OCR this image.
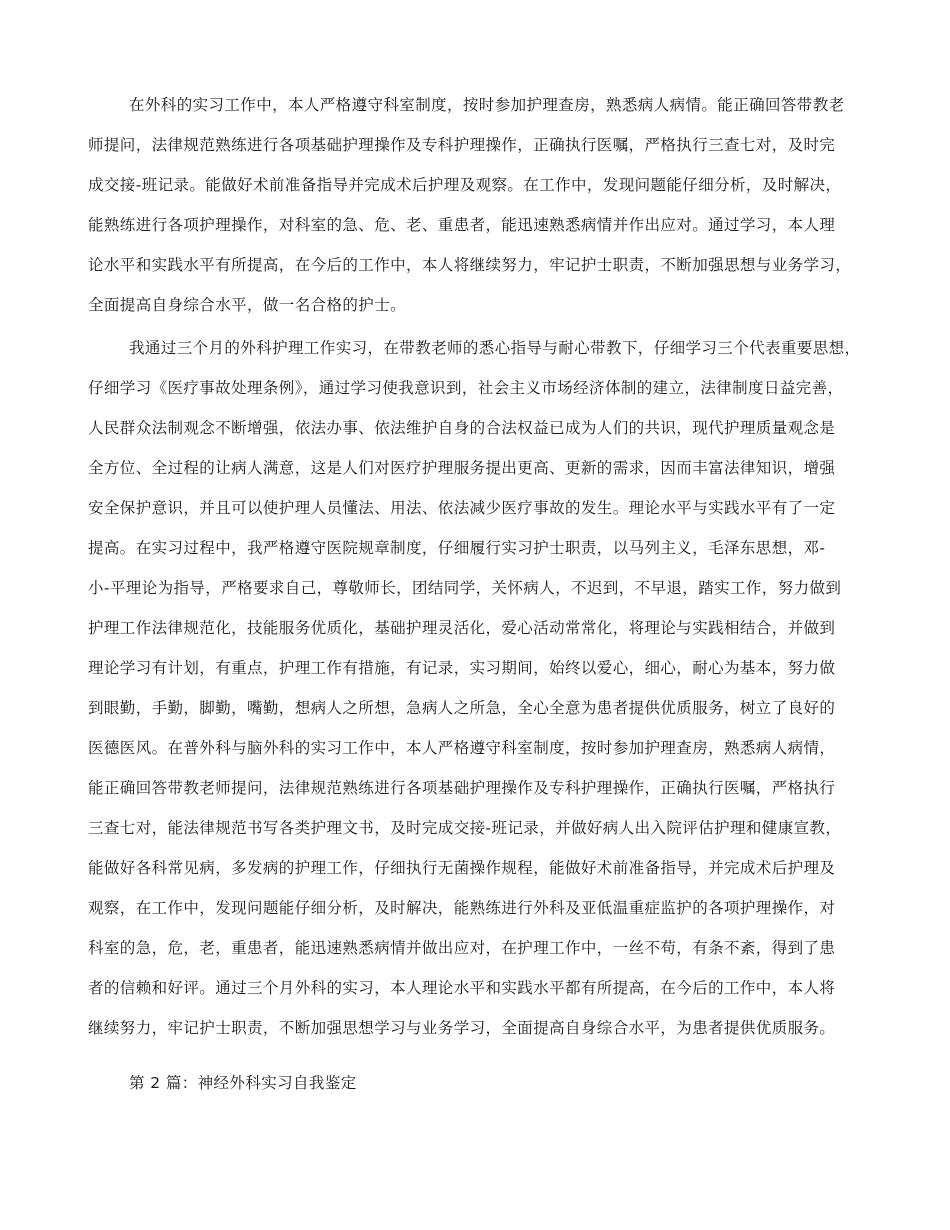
在外科的实习工作中，本人严格遵守科室制度，按时参加护理查房，熟悉病人病情。能正确回答带教老
师提问，法律规范熟练进行各项基础护理操作及专科护理操作，正确执行医嘱，严格执行三查七对，及时完
成交接-班记录。能做好术前准备指导并完成术后护理及观察。在工作中，发现问题能仔细分析，及时解决，
能熟练进行各项护理操作，对科室的急、危、老、重患者，能迅速熟悉病情并作出应对。通过学习，本人理
论水平和实践水平有所提高，在今后的工作中，本人将继续努力，牢记护士职责，不断加强思想与业务学习，
全面提高自身综合水平，做一名合格的护士。
我通过三个月的外科护理工作实习，在带教老师的悉心指导与耐心带教下，仔细学习三个代表重要思想，
仔细学习《医疗事故处理条例》，通过学习使我意识到，社会主义市场经济体制的建立，法律制度日益完善，
人民群众法制观念不断增强，依法办事、依法维护自身的合法权益已成为人们的共识，现代护理质量观念是
全方位、全过程的让病人满意，这是人们对医疗护理服务提出更高、更新的需求，因而丰富法律知识，增强
安全保护意识，并且可以使护理人员懂法、用法、依法减少医疗事故的发生。理论水平与实践水平有了一定
提高。在实习过程中，我严格遵守医院规章制度，仔细履行实习护士职责，以马列主义，毛泽东思想，邓-
小-平理论为指导，严格要求自己，尊敬师长，团结同学，关怀病人，不迟到，不早退，踏实工作，努力做到
护理工作法律规范化，技能服务优质化，基础护理灵活化，爱心活动常常化，将理论与实践相结合，并做到
理论学习有计划，有重点，护理工作有措施，有记录，实习期间，始终以爱心，细心，耐心为基本，努力做
到眼勤，手勤，脚勤，嘴勤，想病人之所想，急病人之所急，全心全意为患者提供优质服务，树立了良好的
医德医风。在普外科与脑外科的实习工作中，本人严格遵守科室制度，按时参加护理查房，熟悉病人病情，
能正确回答带教老师提问，法律规范熟练进行各项基础护理操作及专科护理操作，正确执行医嘱，严格执行
三查七对，能法律规范书写各类护理文书，及时完成交接-班记录，并做好病人出入院评估护理和健康宣教，
能做好各科常见病，多发病的护理工作，仔细执行无菌操作规程，能做好术前准备指导，并完成术后护理及
观察，在工作中，发现问题能仔细分析，及时解决，能熟练进行外科及亚低温重症监护的各项护理操作，对
科室的急，危，老，重患者，能迅速熟悉病情并做出应对，在护理工作中，一丝不苟，有条不紊，得到了患
者的信赖和好评。通过三个月外科的实习，本人理论水平和实践水平都有所提高，在今后的工作中，本人将
继续努力，牢记护士职责，不断加强思想学习与业务学习，全面提高自身综合水平，为患者提供优质服务。
第 2 篇：神经外科实习自我鉴定
